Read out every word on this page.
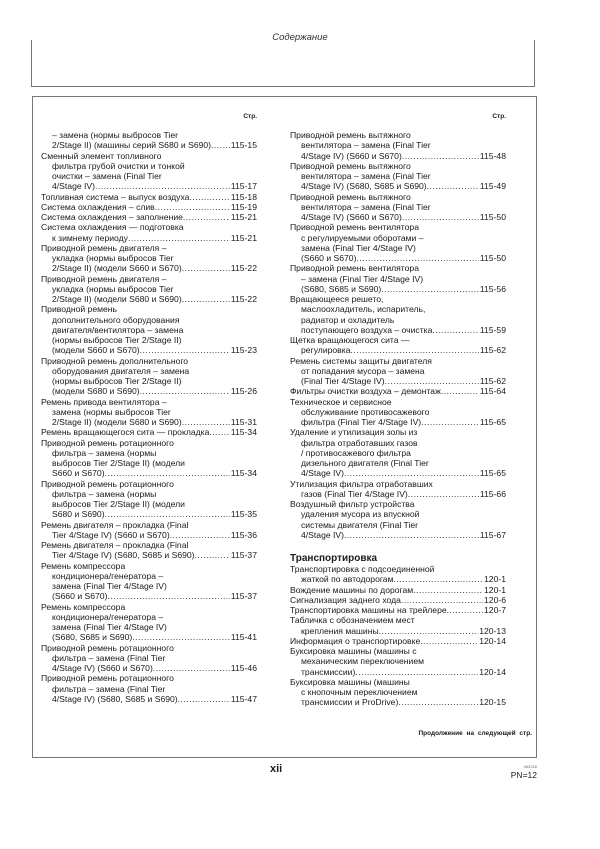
Содержание
Стр.	Стр.
– замена (нормы выбросов Tier
2/Stage II) (машины серий S680 и S690) ..... 115-15
Сменный элемент топливного
фильтра грубой очистки и тонкой
очистки – замена (Final Tier
4/Stage IV) .....	115-17
Топливная система – выпуск воздуха .....	115-18
Система охлаждения – слив .....	115-19
Система охлаждения – заполнение .....	115-21
Система охлаждения — подготовка
к зимнему периоду .....	115-21
Приводной ремень двигателя –
укладка (нормы выбросов Tier
2/Stage II) (модели S660 и S670) .....	115-22
Приводной ремень двигателя –
укладка (нормы выбросов Tier
2/Stage II) (модели S680 и S690) .....	115-22
Приводной ремень
дополнительного оборудования
двигателя/вентилятора – замена
(нормы выбросов Tier 2/Stage II)
(модели S660 и S670) .....	115-23
Приводной ремень дополнительного
оборудования двигателя – замена
(нормы выбросов Tier 2/Stage II)
(модели S680 и S690) .....	115-26
Ремень привода вентилятора –
замена (нормы выбросов Tier
2/Stage II) (модели S680 и S690) .....	115-31
Ремень вращающегося сита — прокладка .....	115-34
Приводной ремень ротационного
фильтра – замена (нормы
выбросов Tier 2/Stage II) (модели
S660 и S670) .....	115-34
Приводной ремень ротационного
фильтра – замена (нормы
выбросов Tier 2/Stage II) (модели
S680 и S690) .....	115-35
Ремень двигателя – прокладка (Final
Tier 4/Stage IV) (S660 и S670) .....	115-36
Ремень двигателя – прокладка (Final
Tier 4/Stage IV) (S680, S685 и S690) .....	115-37
Ремень компрессора
кондиционера/генератора –
замена (Final Tier 4/Stage IV)
(S660 и S670) .....	115-37
Ремень компрессора
кондиционера/генератора –
замена (Final Tier 4/Stage IV)
(S680, S685 и S690) .....	115-41
Приводной ремень ротационного
фильтра – замена (Final Tier
4/Stage IV) (S660 и S670) .....	115-46
Приводной ремень ротационного
фильтра – замена (Final Tier
4/Stage IV) (S680, S685 и S690) .....	115-47
Приводной ремень вытяжного
вентилятора – замена (Final Tier
4/Stage IV) (S660 и S670) .....	115-48
Приводной ремень вытяжного
вентилятора – замена (Final Tier
4/Stage IV) (S680, S685 и S690) .....	115-49
Приводной ремень вытяжного
вентилятора – замена (Final Tier
4/Stage IV) (S660 и S670) .....	115-50
Приводной ремень вентилятора
с регулируемыми оборотами –
замена (Final Tier 4/Stage IV)
(S660 и S670) .....	115-50
Приводной ремень вентилятора
– замена (Final Tier 4/Stage IV)
(S680, S685 и S690) .....	115-56
Вращающееся решето,
маслоохладитель, испаритель,
радиатор и охладитель
поступающего воздуха – очистка .....	115-59
Щетка вращающегося сита —
регулировка .....	115-62
Ремень системы защиты двигателя
от попадания мусора – замена
(Final Tier 4/Stage IV) .....	115-62
Фильтры очистки воздуха – демонтаж .....	115-64
Техническое и сервисное
обслуживание противосажевого
фильтра (Final Tier 4/Stage IV) .....	115-65
Удаление и утилизация золы из
фильтра отработавших газов
/ противосажевого фильтра
дизельного двигателя (Final Tier
4/Stage IV) .....	115-65
Утилизация фильтра отработавших
газов (Final Tier 4/Stage IV) .....	115-66
Воздушный фильтр устройства
удаления мусора из впускной
системы двигателя (Final Tier
4/Stage IV) .....	115-67
Транспортировка
Транспортировка с подсоединенной
жаткой по автодорогам .....	120-1
Вождение машины по дорогам .....	120-1
Сигнализация заднего хода .....	120-6
Транспортировка машины на трейлере .....	120-7
Табличка с обозначением мест
крепления машины .....	120-13
Информация о транспортировке .....	120-14
Буксировка машины (машины с
механическим переключением
трансмиссии) .....	120-14
Буксировка машины (машины
с кнопочным переключением
трансмиссии и ProDrive) .....	120-15
Продолжение на следующей стр.
xii	062216
PN=12
